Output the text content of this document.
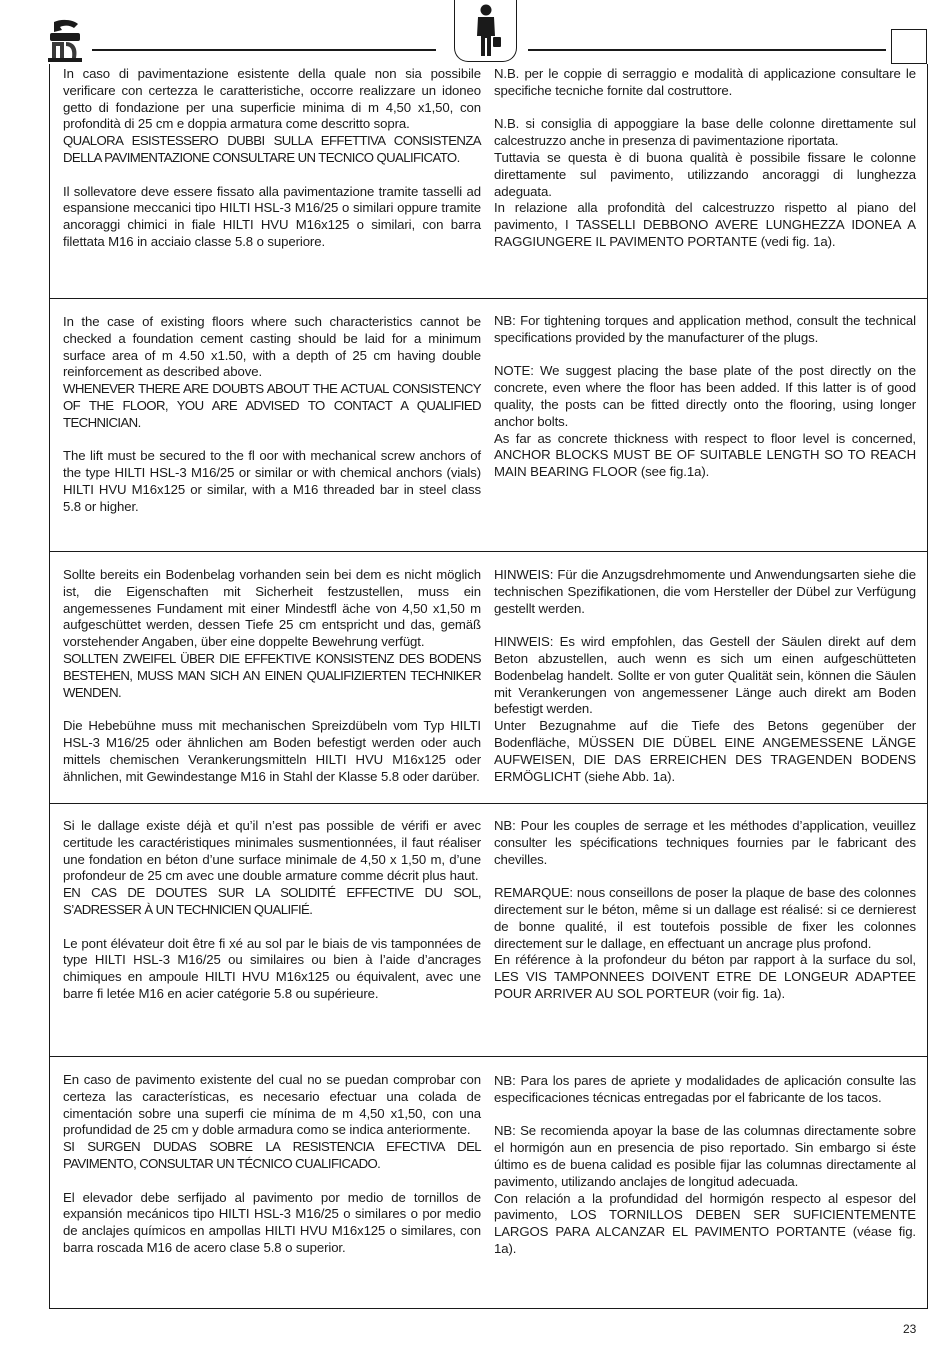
In caso di pavimentazione esistente della quale non sia possibile verificare con certezza le caratteristiche, occorre realizzare un idoneo getto di fondazione per una superficie minima di m 4,50 x1,50, con profondità di 25 cm e doppia armatura come descritto sopra.

QUALORA ESISTESSERO DUBBI SULLA EFFETTIVA CONSISTENZA DELLA PAVIMENTAZIONE CONSULTARE UN TECNICO QUALIFICATO.

Il sollevatore deve essere fissato alla pavimentazione tramite tasselli ad espansione meccanici tipo HILTI HSL-3 M16/25 o similari oppure tramite ancoraggi chimici in fiale HILTI HVU M16x125 o similari, con barra filettata M16 in acciaio classe 5.8 o superiore.

N.B. per le coppie di serraggio e modalità di applicazione consultare le specifiche tecniche fornite dal costruttore.

N.B. si consiglia di appoggiare la base delle colonne direttamente sul calcestruzzo anche in presenza di pavimentazione riportata.

Tuttavia se questa è di buona qualità è possibile fissare le colonne direttamente sul pavimento, utilizzando ancoraggi di lunghezza adeguata.

In relazione alla profondità del calcestruzzo rispetto al piano del pavimento, I TASSELLI DEBBONO AVERE LUNGHEZZA IDONEA A RAGGIUNGERE IL PAVIMENTO PORTANTE (vedi fig. 1a).

In the case of existing floors where such characteristics cannot be checked a foundation cement casting should be laid for a minimum surface area of m 4.50 x1.50, with a depth of 25 cm having double reinforcement as described above.

WHENEVER THERE ARE DOUBTS ABOUT THE ACTUAL CONSISTENCY OF THE FLOOR, YOU ARE ADVISED TO CONTACT A QUALIFIED TECHNICIAN.

The lift must be secured to the fl oor with mechanical screw anchors of the type HILTI HSL-3 M16/25 or similar or with chemical anchors (vials) HILTI HVU M16x125 or similar, with a M16 threaded bar in steel class 5.8 or higher.

NB: For tightening torques and application method, consult the technical specifications provided by the manufacturer of the plugs.

NOTE: We suggest placing the base plate of the post directly on the concrete, even where the floor has been added. If this latter is of good quality, the posts can be fitted directly onto the flooring, using longer anchor bolts.

As far as concrete thickness with respect to floor level is concerned, ANCHOR BLOCKS MUST BE OF SUITABLE LENGTH SO TO REACH MAIN BEARING FLOOR (see fig.1a).

Sollte bereits ein Bodenbelag vorhanden sein bei dem es nicht möglich ist, die Eigenschaften mit Sicherheit festzustellen, muss ein angemessenes Fundament mit einer Mindestfl äche von 4,50 x1,50 m aufgeschüttet werden, dessen Tiefe 25 cm entspricht und das, gemäß vorstehender Angaben, über eine doppelte Bewehrung verfügt.

SOLLTEN ZWEIFEL ÜBER DIE EFFEKTIVE KONSISTENZ DES BODENS BESTEHEN, MUSS MAN SICH AN EINEN QUALIFIZIERTEN TECHNIKER WENDEN.

Die Hebebühne muss mit mechanischen Spreizdübeln vom Typ HILTI HSL-3 M16/25 oder ähnlichen am Boden befestigt werden oder auch mittels chemischen Verankerungsmitteln HILTI HVU M16x125 oder ähnlichen, mit Gewindestange M16 in Stahl der Klasse 5.8 oder darüber.

HINWEIS: Für die Anzugsdrehmomente und Anwendungsarten siehe die technischen Spezifikationen, die vom Hersteller der Dübel zur Verfügung gestellt werden.

HINWEIS: Es wird empfohlen, das Gestell der Säulen direkt auf dem Beton abzustellen, auch wenn es sich um einen aufgeschütteten Bodenbelag handelt. Sollte er von guter Qualität sein, können die Säulen mit Verankerungen von angemessener Länge auch direkt am Boden befestigt werden.

Unter Bezugnahme auf die Tiefe des Betons gegenüber der Bodenfläche, MÜSSEN DIE DÜBEL EINE ANGEMESSENE LÄNGE AUFWEISEN, DIE DAS ERREICHEN DES TRAGENDEN BODENS ERMÖGLICHT (siehe Abb. 1a).

Si le dallage existe déjà et qu’il n’est pas possible de vérifi er avec certitude les caractéristiques minimales susmentionnées, il faut réaliser une fondation en béton d’une surface minimale de 4,50 x 1,50 m, d’une profondeur de 25 cm avec une double armature comme décrit plus haut.

EN CAS DE DOUTES SUR LA SOLIDITÉ EFFECTIVE DU SOL, S’ADRESSER À UN TECHNICIEN QUALIFIÉ.

Le pont élévateur doit être fi xé au sol par le biais de vis tamponnées de type HILTI HSL-3 M16/25 ou similaires ou bien à l’aide d’ancrages chimiques en ampoule HILTI HVU M16x125 ou équivalent, avec une barre fi letée M16 en acier catégorie 5.8 ou supérieure.

NB: Pour les couples de serrage et les méthodes d’application, veuillez consulter les spécifications techniques fournies par le fabricant des chevilles.

REMARQUE: nous conseillons de poser la plaque de base des colonnes directement sur le béton, même si un dallage est réalisé: si ce dernierest de bonne qualité, il est toutefois possible de fixer les colonnes directement sur le dallage, en effectuant un ancrage plus profond.

En référence à la profondeur du béton par rapport à la surface du sol, LES VIS TAMPONNEES DOIVENT ETRE DE LONGEUR ADAPTEE POUR ARRIVER AU SOL PORTEUR (voir fig. 1a).

En caso de pavimento existente del cual no se puedan comprobar con certeza las características, es necesario efectuar una colada de cimentación sobre una superfi cie mínima de m 4,50 x1,50, con una profundidad de 25 cm y doble armadura como se indica anteriormente.

SI SURGEN DUDAS SOBRE LA RESISTENCIA EFECTIVA DEL PAVIMENTO, CONSULTAR UN TÉCNICO CUALIFICADO.

El elevador debe serfijado al pavimento por medio de tornillos de expansión mecánicos tipo HILTI HSL-3 M16/25 o similares o por medio de anclajes químicos en ampollas HILTI HVU M16x125 o similares, con barra roscada M16 de acero clase 5.8 o superior.

NB: Para los pares de apriete y modalidades de aplicación consulte las especificaciones técnicas entregadas por el fabricante de los tacos.

NB: Se recomienda apoyar la base de las columnas directamente sobre el hormigón aun en presencia de piso reportado. Sin embargo si éste último es de buena calidad es posible fijar las columnas directamente al pavimento, utilizando anclajes de longitud adecuada.

Con relación a la profundidad del hormigón respecto al espesor del pavimento, LOS TORNILLOS DEBEN SER SUFICIENTEMENTE LARGOS PARA ALCANZAR EL PAVIMENTO PORTANTE (véase fig. 1a).

23
